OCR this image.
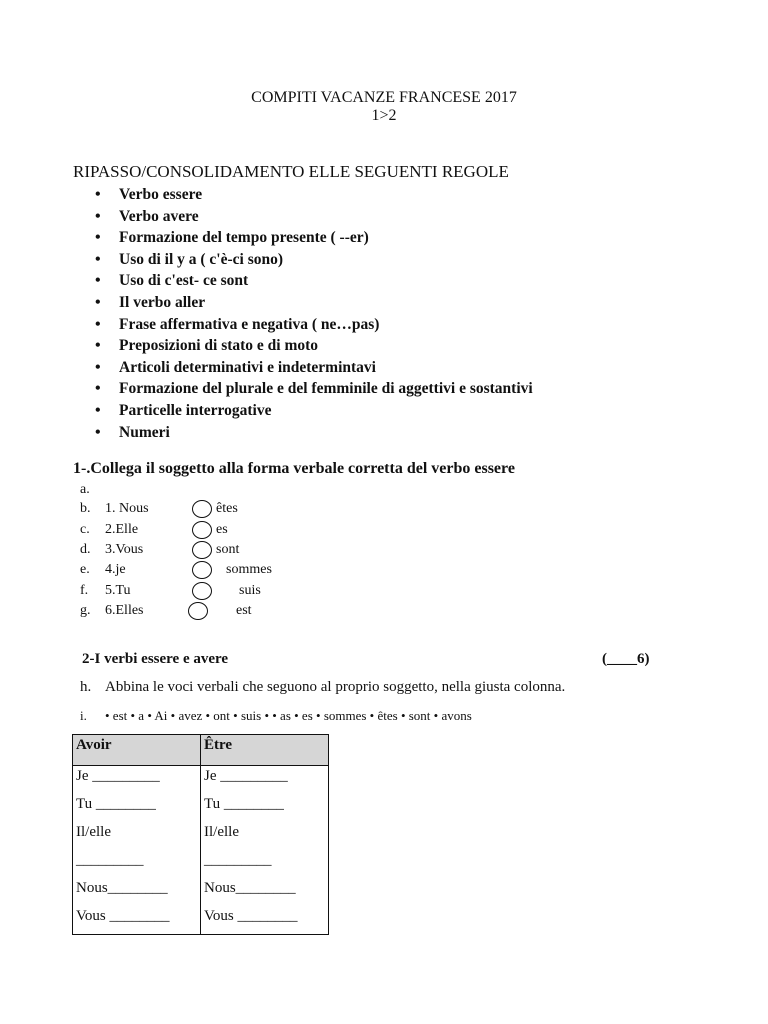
COMPITI VACANZE FRANCESE 2017
1>2
RIPASSO/CONSOLIDAMENTO ELLE SEGUENTI REGOLE
• Verbo essere
• Verbo avere
• Formazione del tempo presente ( --er)
• Uso di il y a ( c'è-ci sono)
• Uso di c'est- ce sont
• Il verbo aller
• Frase affermativa e negativa ( ne…pas)
• Preposizioni di stato e di moto
• Articoli determinativi e indetermintavi
• Formazione del plurale e del femminile di aggettivi e sostantivi
• Particelle interrogative
• Numeri
1-.Collega il soggetto alla forma verbale corretta del verbo essere
a.
b. 1. Nous	êtes
c. 2.Elle	es
d. 3.Vous	sont
e. 4.je	sommes
f. 5.Tu	suis
g. 6.Elles	est
2-I verbi essere e avere	(____6)
h. Abbina le voci verbali che seguono al proprio soggetto, nella giusta colonna.
i. • est • a • Ai • avez • ont • suis • • as • es • sommes • êtes • sont • avons
Avoir	Être
Je _________	Je _________
Tu ________	Tu ________
Il/elle	Il/elle
_________	_________
Nous________	Nous________
Vous ________	Vous ________
